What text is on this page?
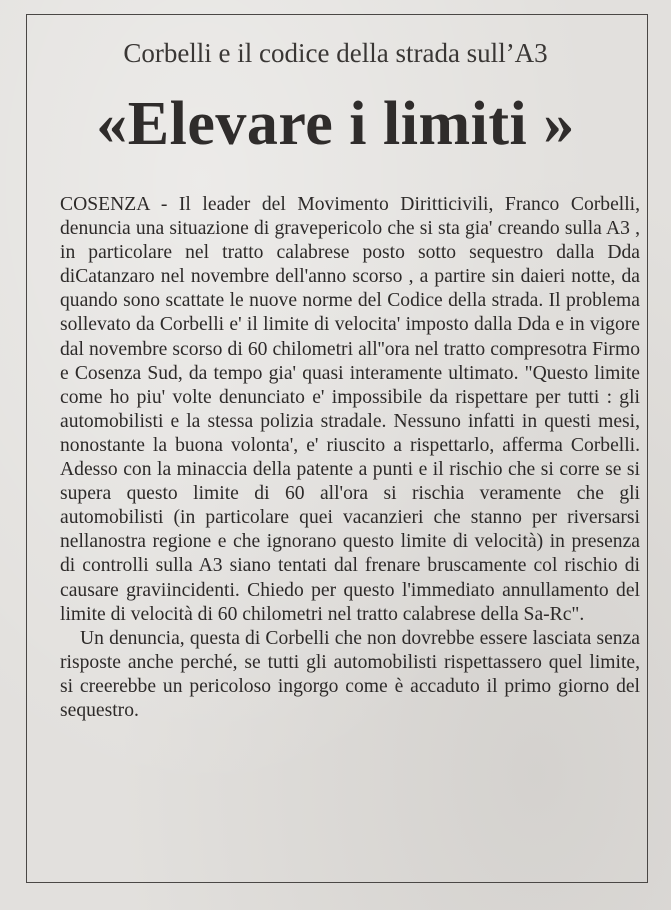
Corbelli e il codice della strada sull’A3
«Elevare i limiti »

COSENZA - Il leader del Movimento Diritticivili, Franco Corbelli, denuncia una situazione di gravepericolo che si sta gia' creando sulla A3 , in particolare nel tratto calabrese posto sotto sequestro dalla Dda diCatanzaro nel novembre dell'anno scorso , a partire sin daieri notte, da quando sono scattate le nuove norme del Codice della strada. Il problema sollevato da Corbelli e' il limite di velocita' imposto dalla Dda e in vigore dal novembre scorso di 60 chilometri all''ora nel tratto compresotra Firmo e Cosenza Sud, da tempo gia' quasi interamente ultimato. "Questo limite come ho piu' volte denunciato e' impossibile da rispettare per tutti : gli automobilisti e la stessa polizia stradale. Nessuno infatti in questi mesi, nonostante la buona volonta', e' riuscito a rispettarlo, afferma Corbelli. Adesso con la minaccia della patente a punti e il rischio che si corre se si supera questo limite di 60 all'ora si rischia veramente che gli automobilisti (in particolare quei vacanzieri che stanno per riversarsi nellanostra regione e che ignorano questo limite di velocità) in presenza di controlli sulla A3 siano tentati dal frenare bruscamente col rischio di causare graviincidenti. Chiedo per questo l'immediato annullamento del limite di velocità di 60 chilometri nel tratto calabrese della Sa-Rc".

Un denuncia, questa di Corbelli che non dovrebbe essere lasciata senza risposte anche perché, se tutti gli automobilisti rispettassero quel limite, si creerebbe un pericoloso ingorgo come è accaduto il primo giorno del sequestro.
